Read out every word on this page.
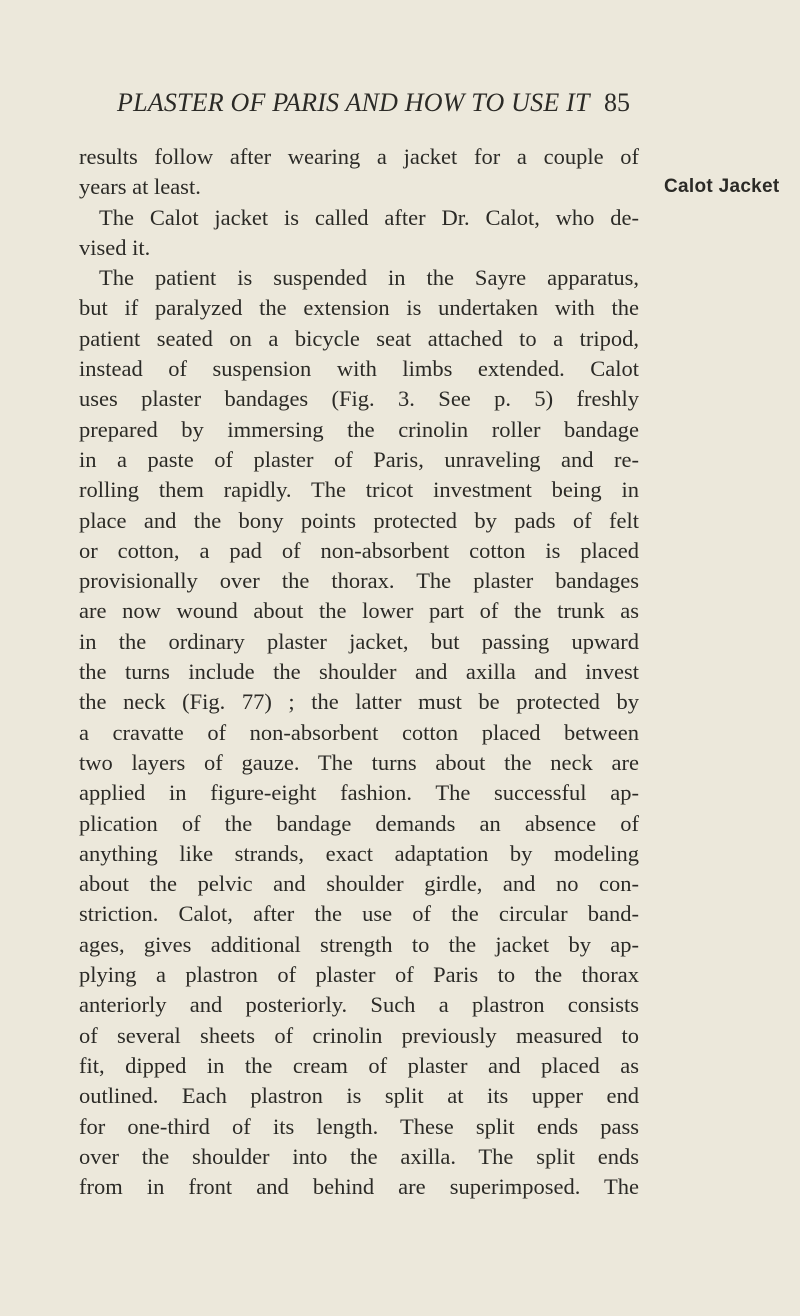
PLASTER OF PARIS AND HOW TO USE IT 85
Calot Jacket
results follow after wearing a jacket for a couple of
years at least.
The Calot jacket is called after Dr. Calot, who de-
vised it.
The patient is suspended in the Sayre apparatus,
but if paralyzed the extension is undertaken with the
patient seated on a bicycle seat attached to a tripod,
instead of suspension with limbs extended. Calot
uses plaster bandages (Fig. 3. See p. 5) freshly
prepared by immersing the crinolin roller bandage
in a paste of plaster of Paris, unraveling and re-
rolling them rapidly. The tricot investment being in
place and the bony points protected by pads of felt
or cotton, a pad of non-absorbent cotton is placed
provisionally over the thorax. The plaster bandages
are now wound about the lower part of the trunk as
in the ordinary plaster jacket, but passing upward
the turns include the shoulder and axilla and invest
the neck (Fig. 77) ; the latter must be protected by
a cravatte of non-absorbent cotton placed between
two layers of gauze. The turns about the neck are
applied in figure-eight fashion. The successful ap-
plication of the bandage demands an absence of
anything like strands, exact adaptation by modeling
about the pelvic and shoulder girdle, and no con-
striction. Calot, after the use of the circular band-
ages, gives additional strength to the jacket by ap-
plying a plastron of plaster of Paris to the thorax
anteriorly and posteriorly. Such a plastron consists
of several sheets of crinolin previously measured to
fit, dipped in the cream of plaster and placed as
outlined. Each plastron is split at its upper end
for one-third of its length. These split ends pass
over the shoulder into the axilla. The split ends
from in front and behind are superimposed. The
